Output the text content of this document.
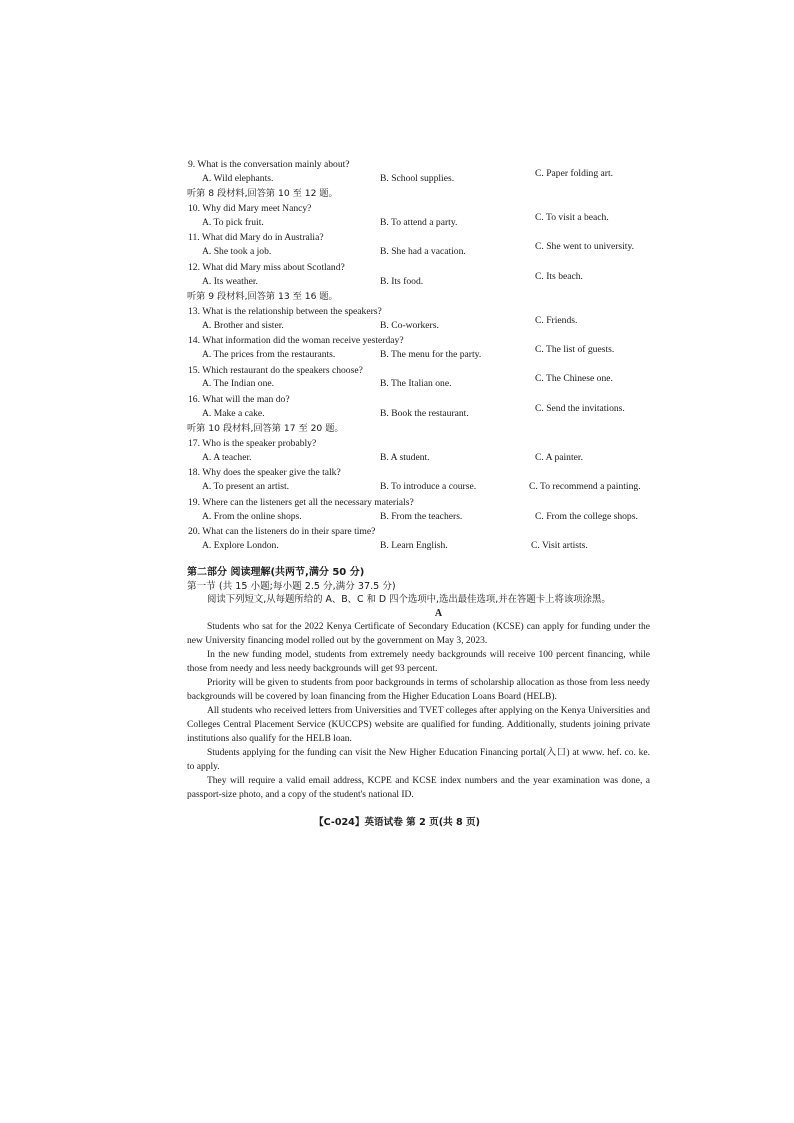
9. What is the conversation mainly about?
A. Wild elephants.	B. School supplies.	C. Paper folding art.
听第 8 段材料,回答第 10 至 12 题。
10. Why did Mary meet Nancy?
A. To pick fruit.	B. To attend a party.	C. To visit a beach.
11. What did Mary do in Australia?
A. She took a job.	B. She had a vacation.	C. She went to university.
12. What did Mary miss about Scotland?
A. Its weather.	B. Its food.	C. Its beach.
听第 9 段材料,回答第 13 至 16 题。
13. What is the relationship between the speakers?
A. Brother and sister.	B. Co-workers.	C. Friends.
14. What information did the woman receive yesterday?
A. The prices from the restaurants.	B. The menu for the party.	C. The list of guests.
15. Which restaurant do the speakers choose?
A. The Indian one.	B. The Italian one.	C. The Chinese one.
16. What will the man do?
A. Make a cake.	B. Book the restaurant.	C. Send the invitations.
听第 10 段材料,回答第 17 至 20 题。
17. Who is the speaker probably?
A. A teacher.	B. A student.	C. A painter.
18. Why does the speaker give the talk?
A. To present an artist.	B. To introduce a course.	C. To recommend a painting.
19. Where can the listeners get all the necessary materials?
A. From the online shops.	B. From the teachers.	C. From the college shops.
20. What can the listeners do in their spare time?
A. Explore London.	B. Learn English.	C. Visit artists.
第二部分 阅读理解(共两节,满分 50 分)
第一节 (共 15 小题;每小题 2.5 分,满分 37.5 分)
阅读下列短文,从每题所给的 A、B、C 和 D 四个选项中,选出最佳选项,并在答题卡上将该项涂黑。
A

Students who sat for the 2022 Kenya Certificate of Secondary Education (KCSE) can apply for funding under the new University financing model rolled out by the government on May 3, 2023.

In the new funding model, students from extremely needy backgrounds will receive 100 percent financing, while those from needy and less needy backgrounds will get 93 percent.

Priority will be given to students from poor backgrounds in terms of scholarship allocation as those from less needy backgrounds will be covered by loan financing from the Higher Education Loans Board (HELB).

All students who received letters from Universities and TVET colleges after applying on the Kenya Universities and Colleges Central Placement Service (KUCCPS) website are qualified for funding. Additionally, students joining private institutions also qualify for the HELB loan.

Students applying for the funding can visit the New Higher Education Financing portal(入口) at www. hef. co. ke. to apply.

They will require a valid email address, KCPE and KCSE index numbers and the year examination was done, a passport-size photo, and a copy of the student's national ID.

【C-024】英语试卷 第 2 页(共 8 页)
